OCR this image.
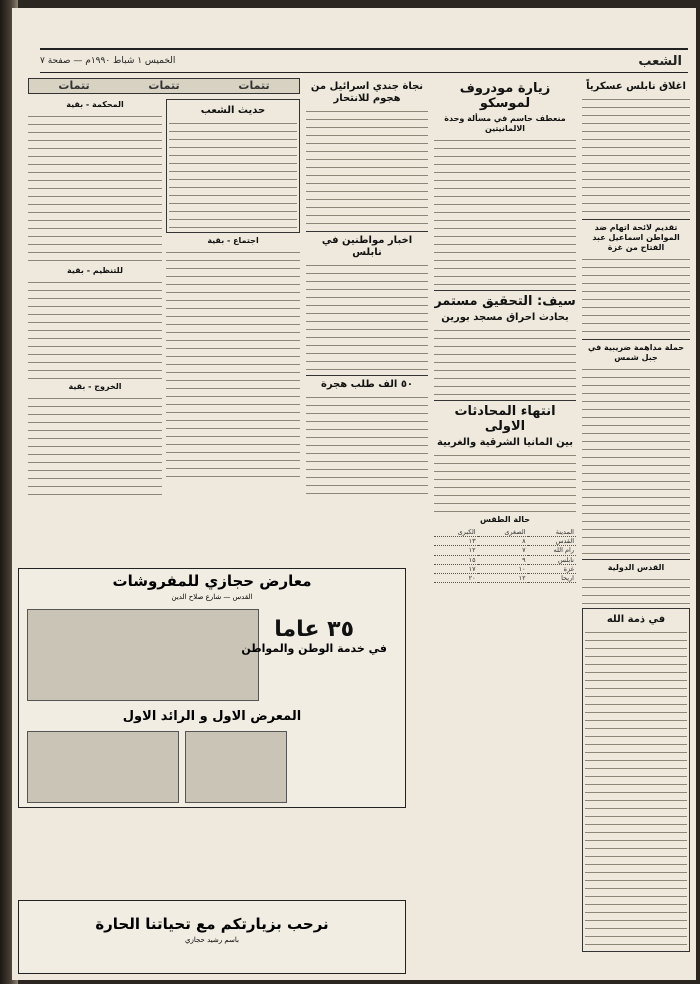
الشعب
الخميس ١ شباط ١٩٩٠م — صفحة ٧
اغلاق نابلس عسكرياً
تقديم لائحة اتهام ضد المواطن اسماعيل عبد الفتاح من غزة
حملة مداهمة ضريبية في جبل شمس
القدس الدولية
في ذمة الله
زيارة مودروف لموسكو
منعطف حاسم في مسألة وحدة الالمانيتين
سيف: التحقيق مستمر
بحادث احراق مسجد بورين
انتهاء المحادثات الاولى
بين المانيا الشرقية والغربية
حالة الطقس
المدينة	الصغرى	الكبرى
القدس	٨	١٣
رام الله	٧	١٢
نابلس	٩	١٥
غزة	١٠	١٧
اريحا	١٢	٢٠
نجاة جندي اسرائيل من هجوم للانتحار
اخبار مواطنين في نابلس
٥٠ الف طلب هجرة
تتمات
تتمات
تتمات
حديث الشعب
اجتماع - بقية
المحكمة - بقية
للتنظيم - بقية
الخروج - بقية
معارض حجازي للمفروشات
القدس — شارع صلاح الدين
٣٥ عاما
في خدمة الوطن والمواطن
المعرض الاول و الرائد الاول
نرحب بزيارتكم مع تحياتنا الحارة
باسم رشيد حجازي
